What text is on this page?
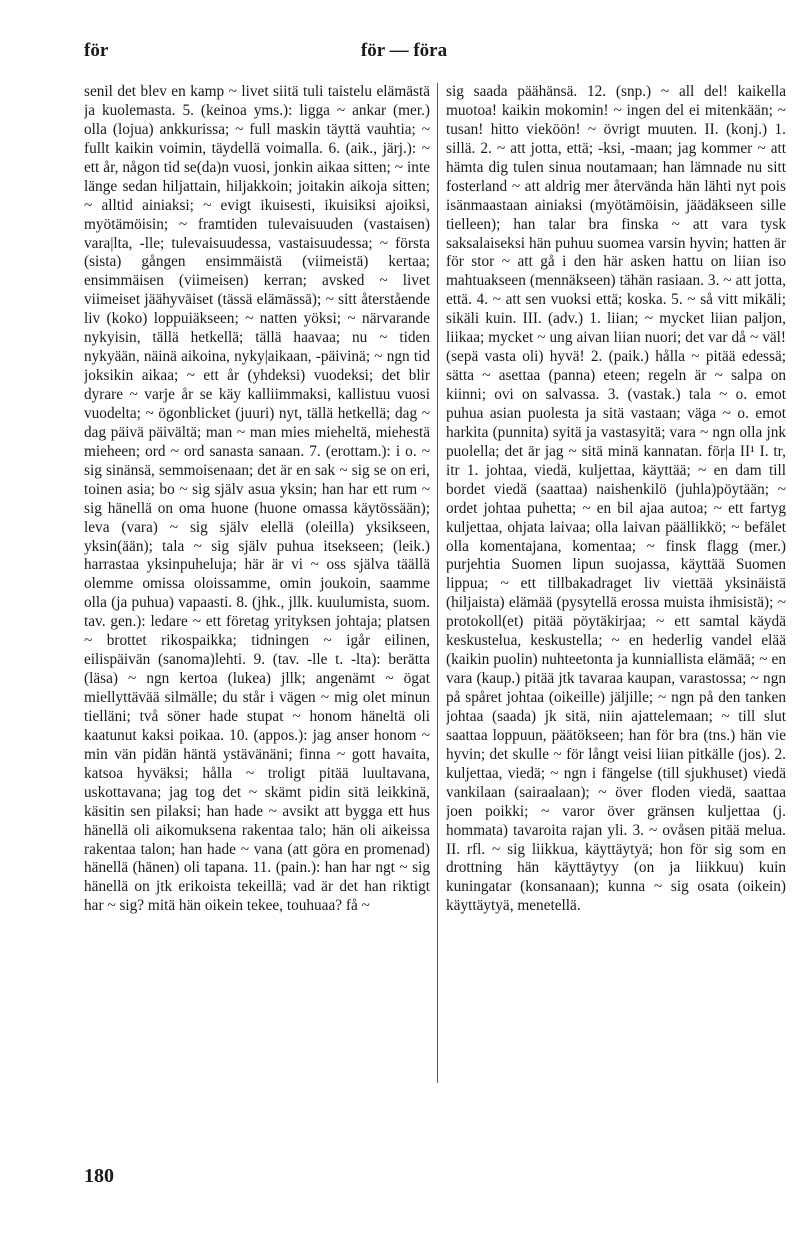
för	för — föra

senil det blev en kamp ~ livet siitä tuli taistelu elämästä ja kuolemasta. 5. (keinoa yms.): ligga ~ ankar (mer.) olla (lojua) ankkurissa; ~ full maskin täyttä vauhtia; ~ fullt kaikin voimin, täydellä voimalla. 6. (aik., järj.): ~ ett år, någon tid se(da)n vuosi, jonkin aikaa sitten; ~ inte länge sedan hiljattain, hiljakkoin; joitakin aikoja sitten; ~ alltid ainiaksi; ~ evigt ikuisesti, ikuisiksi ajoiksi, myötämöisin; ~ framtiden tulevaisuuden (vastaisen) vara|lta, -lle; tulevaisuudessa, vastaisuudessa; ~ första (sista) gången ensimmäistä (viimeistä) kertaa; ensimmäisen (viimeisen) kerran; avsked ~ livet viimeiset jäähyväiset (tässä elämässä); ~ sitt återstående liv (koko) loppuiäkseen; ~ natten yöksi; ~ närvarande nykyisin, tällä hetkellä; tällä haavaa; nu ~ tiden nykyään, näinä aikoina, nyky|aikaan, -päivinä; ~ ngn tid joksikin aikaa; ~ ett år (yhdeksi) vuodeksi; det blir dyrare ~ varje år se käy kalliimmaksi, kallistuu vuosi vuodelta; ~ ögonblicket (juuri) nyt, tällä hetkellä; dag ~ dag päivä päivältä; man ~ man mies mieheltä, miehestä mieheen; ord ~ ord sanasta sanaan. 7. (erottam.): i o. ~ sig sinänsä, semmoisenaan; det är en sak ~ sig se on eri, toinen asia; bo ~ sig själv asua yksin; han har ett rum ~ sig hänellä on oma huone (huone omassa käytössään); leva (vara) ~ sig själv elellä (oleilla) yksikseen, yksin(ään); tala ~ sig själv puhua itsekseen; (leik.) harrastaa yksinpuheluja; här är vi ~ oss själva täällä olemme omissa oloissamme, omin joukoin, saamme olla (ja puhua) vapaasti. 8. (jhk., jllk. kuulumista, suom. tav. gen.): ledare ~ ett företag yrityksen johtaja; platsen ~ brottet rikospaikka; tidningen ~ igår eilinen, eilispäivän (sanoma)lehti. 9. (tav. -lle t. -lta): berätta (läsa) ~ ngn kertoa (lukea) jllk; angenämt ~ ögat miellyttävää silmälle; du står i vägen ~ mig olet minun tielläni; två söner hade stupat ~ honom häneltä oli kaatunut kaksi poikaa. 10. (appos.): jag anser honom ~ min vän pidän häntä ystävänäni; finna ~ gott havaita, katsoa hyväksi; hålla ~ troligt pitää luultavana, uskottavana; jag tog det ~ skämt pidin sitä leikkinä, käsitin sen pilaksi; han hade ~ avsikt att bygga ett hus hänellä oli aikomuksena rakentaa talo; hän oli aikeissa rakentaa talon; han hade ~ vana (att göra en promenad) hänellä (hänen) oli tapana. 11. (pain.): han har ngt ~ sig hänellä on jtk erikoista tekeillä; vad är det han riktigt har ~ sig? mitä hän oikein tekee, touhuaa? få ~

sig saada päähänsä. 12. (snp.) ~ all del! kaikella muotoa! kaikin mokomin! ~ ingen del ei mitenkään; ~ tusan! hitto vieköön! ~ övrigt muuten. II. (konj.) 1. sillä. 2. ~ att jotta, että; -ksi, -maan; jag kommer ~ att hämta dig tulen sinua noutamaan; han lämnade nu sitt fosterland ~ att aldrig mer återvända hän lähti nyt pois isänmaastaan ainiaksi (myötämöisin, jäädäkseen sille tielleen); han talar bra finska ~ att vara tysk saksalaiseksi hän puhuu suomea varsin hyvin; hatten är för stor ~ att gå i den här asken hattu on liian iso mahtuakseen (mennäkseen) tähän rasiaan. 3. ~ att jotta, että. 4. ~ att sen vuoksi että; koska. 5. ~ så vitt mikäli; sikäli kuin. III. (adv.) 1. liian; ~ mycket liian paljon, liikaa; mycket ~ ung aivan liian nuori; det var då ~ väl! (sepä vasta oli) hyvä! 2. (paik.) hålla ~ pitää edessä; sätta ~ asettaa (panna) eteen; regeln är ~ salpa on kiinni; ovi on salvassa. 3. (vastak.) tala ~ o. emot puhua asian puolesta ja sitä vastaan; väga ~ o. emot harkita (punnita) syitä ja vastasyitä; vara ~ ngn olla jnk puolella; det är jag ~ sitä minä kannatan. för|a II¹ I. tr, itr 1. johtaa, viedä, kuljettaa, käyttää; ~ en dam till bordet viedä (saattaa) naishenkilö (juhla)pöytään; ~ ordet johtaa puhetta; ~ en bil ajaa autoa; ~ ett fartyg kuljettaa, ohjata laivaa; olla laivan päällikkö; ~ befälet olla komentajana, komentaa; ~ finsk flagg (mer.) purjehtia Suomen lipun suojassa, käyttää Suomen lippua; ~ ett tillbakadraget liv viettää yksinäistä (hiljaista) elämää (pysytellä erossa muista ihmisistä); ~ protokoll(et) pitää pöytäkirjaa; ~ ett samtal käydä keskustelua, keskustella; ~ en hederlig vandel elää (kaikin puolin) nuhteetonta ja kunniallista elämää; ~ en vara (kaup.) pitää jtk tavaraa kaupan, varastossa; ~ ngn på spåret johtaa (oikeille) jäljille; ~ ngn på den tanken johtaa (saada) jk sitä, niin ajattelemaan; ~ till slut saattaa loppuun, päätökseen; han för bra (tns.) hän vie hyvin; det skulle ~ för långt veisi liian pitkälle (jos). 2. kuljettaa, viedä; ~ ngn i fängelse (till sjukhuset) viedä vankilaan (sairaalaan); ~ över floden viedä, saattaa joen poikki; ~ varor över gränsen kuljettaa (j. hommata) tavaroita rajan yli. 3. ~ ovåsen pitää melua. II. rfl. ~ sig liikkua, käyttäytyä; hon för sig som en drottning hän käyttäytyy (on ja liikkuu) kuin kuningatar (konsanaan); kunna ~ sig osata (oikein) käyttäytyä, menetellä.

180
